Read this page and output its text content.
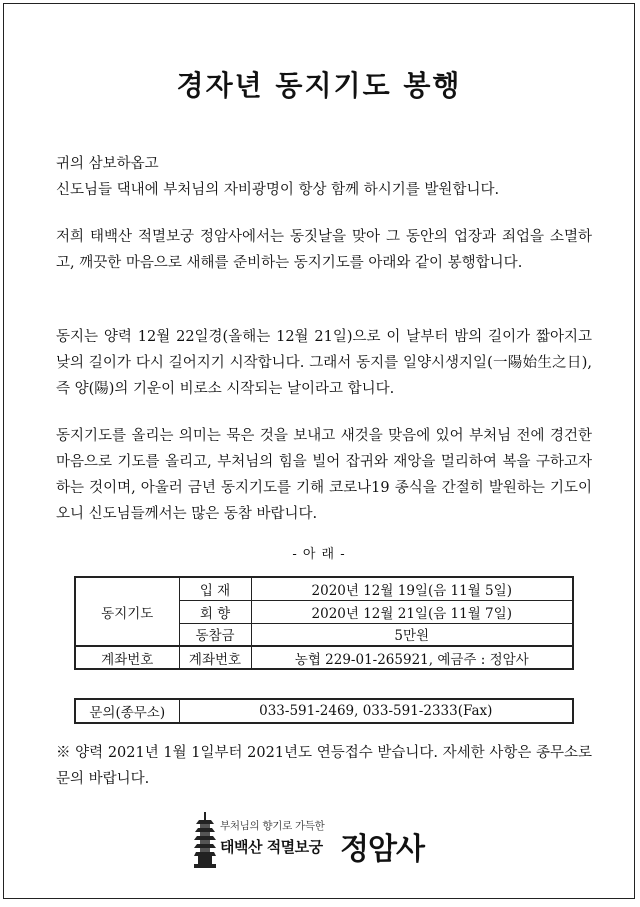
경자년 동지기도 봉행
귀의 삼보하옵고
신도님들 댁내에 부처님의 자비광명이 항상 함께 하시기를 발원합니다.

저희 태백산 적멸보궁 정암사에서는 동짓날을 맞아 그 동안의 업장과 죄업을 소멸하고, 깨끗한 마음으로 새해를 준비하는 동지기도를 아래와 같이 봉행합니다.

동지는 양력 12월 22일경(올해는 12월 21일)으로 이 날부터 밤의 길이가 짧아지고 낮의 길이가 다시 길어지기 시작합니다. 그래서 동지를 일양시생지일(一陽始生之日), 즉 양(陽)의 기운이 비로소 시작되는 날이라고 합니다.

동지기도를 올리는 의미는 묵은 것을 보내고 새것을 맞음에 있어 부처님 전에 경건한 마음으로 기도를 올리고, 부처님의 힘을 빌어 잡귀와 재앙을 멀리하여 복을 구하고자 하는 것이며, 아울러 금년 동지기도를 기해 코로나19 종식을 간절히 발원하는 기도이오니 신도님들께서는 많은 동참 바랍니다.

- 아 래 -
동지기도	입 재	2020년 12월 19일(음 11월 5일)
	회 향	2020년 12월 21일(음 11월 7일)
	동참금	5만원
계좌번호	계좌번호	농협 229-01-265921, 예금주 : 정암사
문의(종무소)	033-591-2469, 033-591-2333(Fax)

※ 양력 2021년 1월 1일부터 2021년도 연등접수 받습니다. 자세한 사항은 종무소로 문의 바랍니다.

부처님의 향기로 가득한
태백산 적멸보궁 정암사
